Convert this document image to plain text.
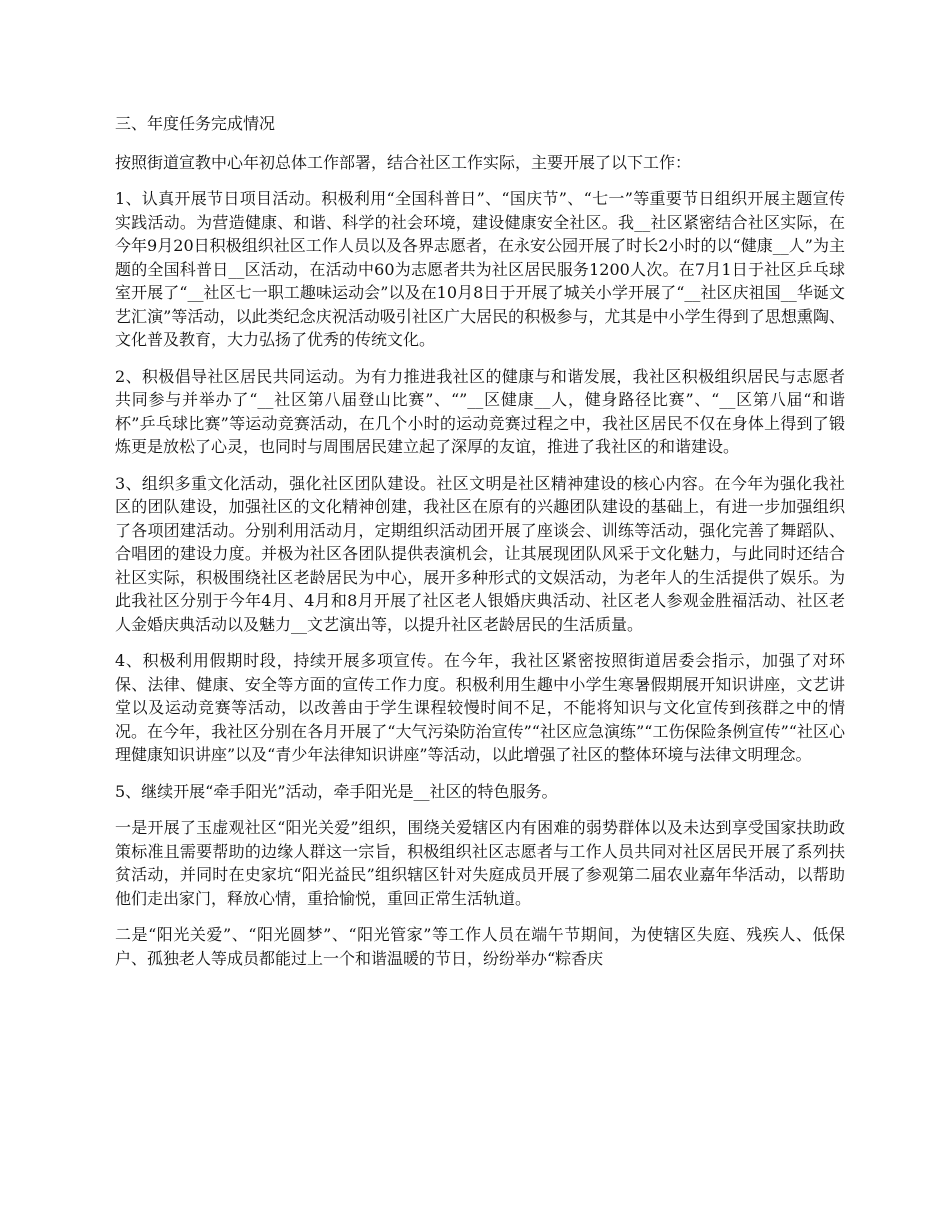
三、年度任务完成情况

按照街道宣教中心年初总体工作部署，结合社区工作实际，主要开展了以下工作：

1、认真开展节日项目活动。积极利用“全国科普日”、“国庆节”、“七一”等重要节日组织开展主题宣传实践活动。为营造健康、和谐、科学的社会环境，建设健康安全社区。我__社区紧密结合社区实际，在今年9月20日积极组织社区工作人员以及各界志愿者，在永安公园开展了时长2小时的以“健康__人”为主题的全国科普日__区活动，在活动中60为志愿者共为社区居民服务1200人次。在7月1日于社区乒乓球室开展了“__社区七一职工趣味运动会”以及在10月8日于开展了城关小学开展了“__社区庆祖国__华诞文艺汇演”等活动，以此类纪念庆祝活动吸引社区广大居民的积极参与，尤其是中小学生得到了思想熏陶、文化普及教育，大力弘扬了优秀的传统文化。

2、积极倡导社区居民共同运动。为有力推进我社区的健康与和谐发展，我社区积极组织居民与志愿者共同参与并举办了“__社区第八届登山比赛”、“”__区健康__人，健身路径比赛”、“__区第八届“和谐杯”乒乓球比赛”等运动竞赛活动，在几个小时的运动竞赛过程之中，我社区居民不仅在身体上得到了锻炼更是放松了心灵，也同时与周围居民建立起了深厚的友谊，推进了我社区的和谐建设。

3、组织多重文化活动，强化社区团队建设。社区文明是社区精神建设的核心内容。在今年为强化我社区的团队建设，加强社区的文化精神创建，我社区在原有的兴趣团队建设的基础上，有进一步加强组织了各项团建活动。分别利用活动月，定期组织活动团开展了座谈会、训练等活动，强化完善了舞蹈队、合唱团的建设力度。并极为社区各团队提供表演机会，让其展现团队风采于文化魅力，与此同时还结合社区实际，积极围绕社区老龄居民为中心，展开多种形式的文娱活动，为老年人的生活提供了娱乐。为此我社区分别于今年4月、4月和8月开展了社区老人银婚庆典活动、社区老人参观金胜福活动、社区老人金婚庆典活动以及魅力__文艺演出等，以提升社区老龄居民的生活质量。

4、积极利用假期时段，持续开展多项宣传。在今年，我社区紧密按照街道居委会指示，加强了对环保、法律、健康、安全等方面的宣传工作力度。积极利用生趣中小学生寒暑假期展开知识讲座，文艺讲堂以及运动竞赛等活动，以改善由于学生课程较慢时间不足，不能将知识与文化宣传到孩群之中的情况。在今年，我社区分别在各月开展了“大气污染防治宣传”“社区应急演练”“工伤保险条例宣传”“社区心理健康知识讲座”以及“青少年法律知识讲座”等活动，以此增强了社区的整体环境与法律文明理念。

5、继续开展“牵手阳光”活动，牵手阳光是__社区的特色服务。

一是开展了玉虚观社区“阳光关爱”组织，围绕关爱辖区内有困难的弱势群体以及未达到享受国家扶助政策标准且需要帮助的边缘人群这一宗旨，积极组织社区志愿者与工作人员共同对社区居民开展了系列扶贫活动，并同时在史家坑“阳光益民”组织辖区针对失庭成员开展了参观第二届农业嘉年华活动，以帮助他们走出家门，释放心情，重拾愉悦，重回正常生活轨道。

二是“阳光关爱”、“阳光圆梦”、“阳光管家”等工作人员在端午节期间，为使辖区失庭、残疾人、低保户、孤独老人等成员都能过上一个和谐温暖的节日，纷纷举办“粽香庆
